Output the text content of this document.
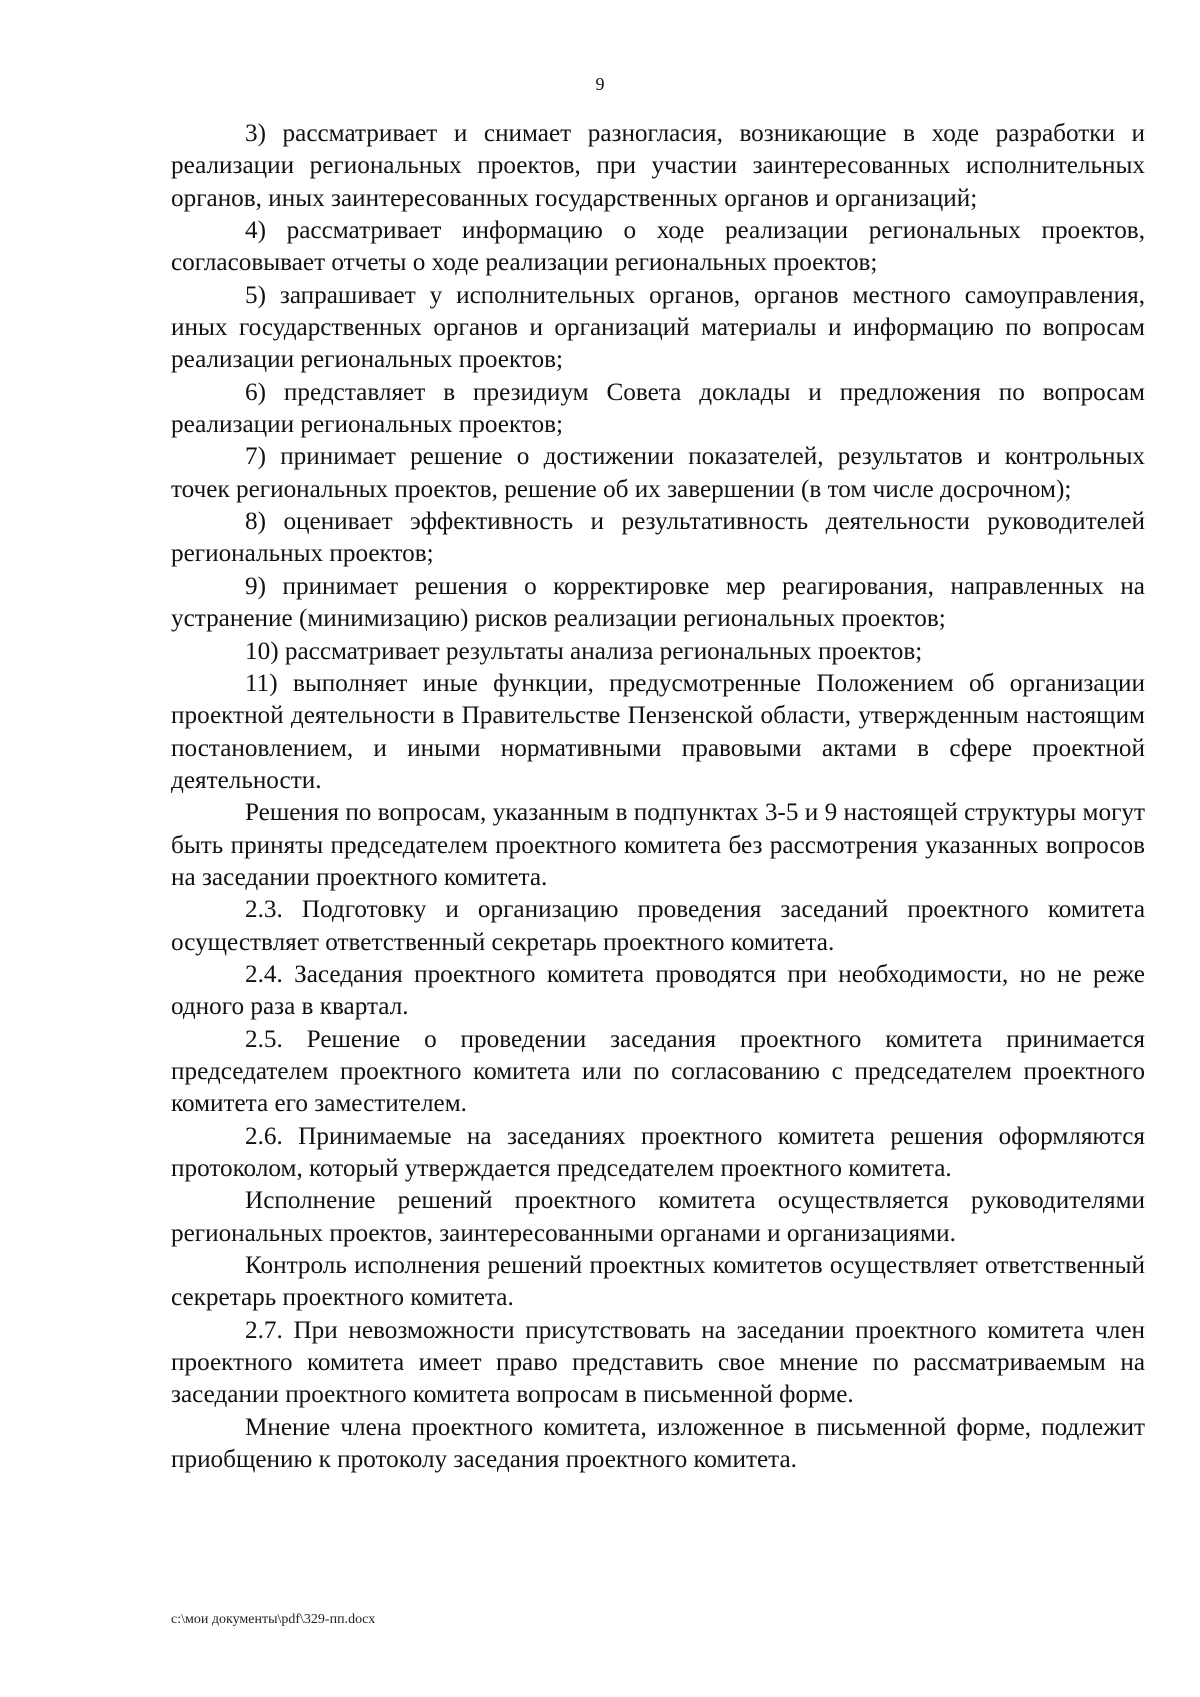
9

3) рассматривает и снимает разногласия, возникающие в ходе разработки и реализации региональных проектов, при участии заинтересованных исполнительных органов, иных заинтересованных государственных органов и организаций;

4) рассматривает информацию о ходе реализации региональных проектов, согласовывает отчеты о ходе реализации региональных проектов;

5) запрашивает у исполнительных органов, органов местного самоуправления, иных государственных органов и организаций материалы и информацию по вопросам реализации региональных проектов;

6) представляет в президиум Совета доклады и предложения по вопросам реализации региональных проектов;

7) принимает решение о достижении показателей, результатов и контрольных точек региональных проектов, решение об их завершении (в том числе досрочном);

8) оценивает эффективность и результативность деятельности руководителей региональных проектов;

9) принимает решения о корректировке мер реагирования, направленных на устранение (минимизацию) рисков реализации региональных проектов;

10) рассматривает результаты анализа региональных проектов;

11) выполняет иные функции, предусмотренные Положением об организации проектной деятельности в Правительстве Пензенской области, утвержденным настоящим постановлением, и иными нормативными правовыми актами в сфере проектной деятельности.

Решения по вопросам, указанным в подпунктах 3-5 и 9 настоящей структуры могут быть приняты председателем проектного комитета без рассмотрения указанных вопросов на заседании проектного комитета.

2.3. Подготовку и организацию проведения заседаний проектного комитета осуществляет ответственный секретарь проектного комитета.

2.4. Заседания проектного комитета проводятся при необходимости, но не реже одного раза в квартал.

2.5. Решение о проведении заседания проектного комитета принимается председателем проектного комитета или по согласованию с председателем проектного комитета его заместителем.

2.6. Принимаемые на заседаниях проектного комитета решения оформляются протоколом, который утверждается председателем проектного комитета.

Исполнение решений проектного комитета осуществляется руководителями региональных проектов, заинтересованными органами и организациями.

Контроль исполнения решений проектных комитетов осуществляет ответственный секретарь проектного комитета.

2.7. При невозможности присутствовать на заседании проектного комитета член проектного комитета имеет право представить свое мнение по рассматриваемым на заседании проектного комитета вопросам в письменной форме.

Мнение члена проектного комитета, изложенное в письменной форме, подлежит приобщению к протоколу заседания проектного комитета.

c:\мои документы\pdf\329-пп.docx
